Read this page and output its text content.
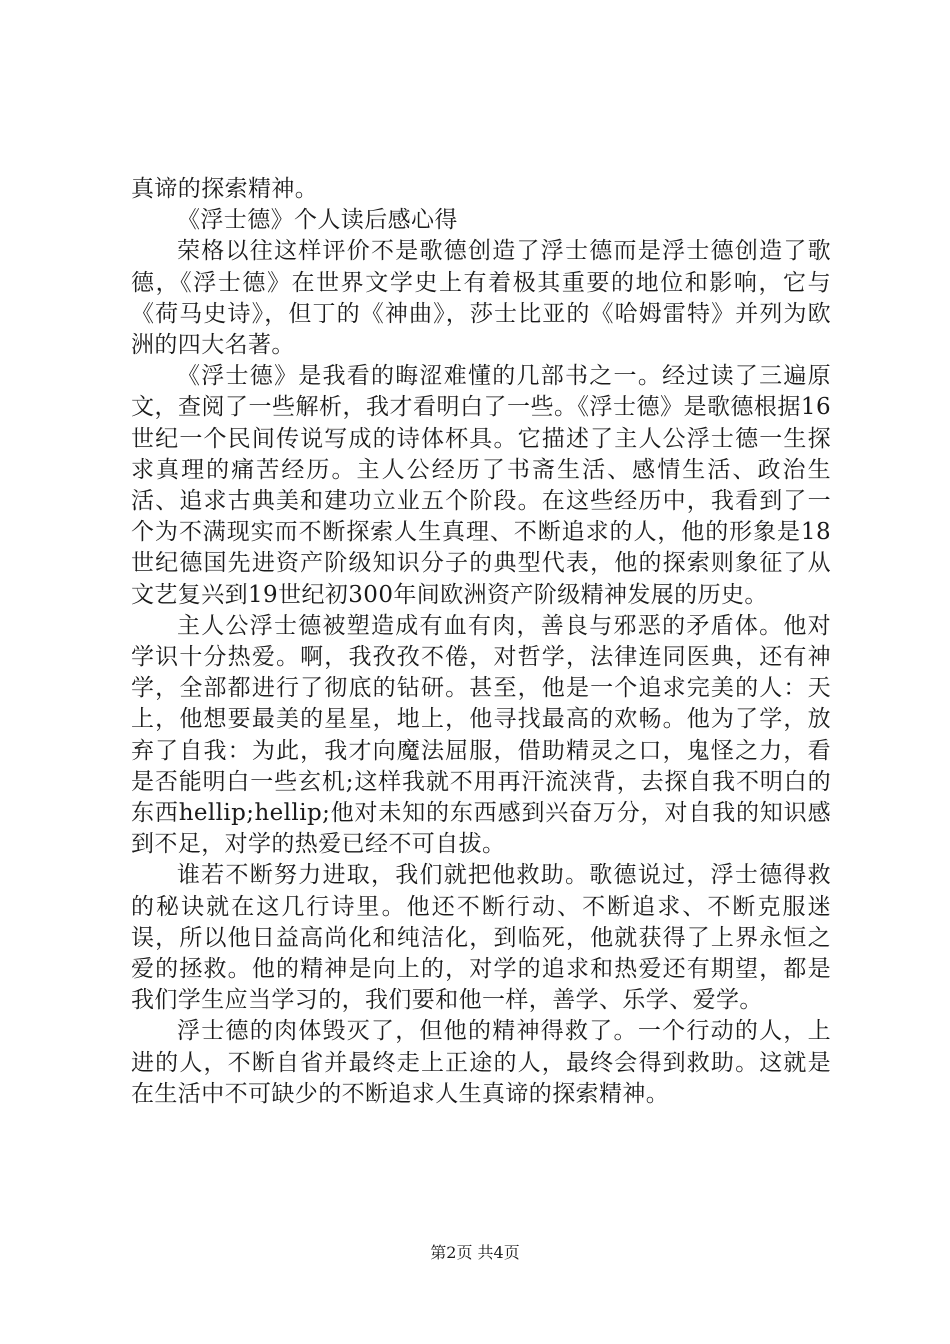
真谛的探索精神。

《浮士德》个人读后感心得

荣格以往这样评价不是歌德创造了浮士德而是浮士德创造了歌德，《浮士德》在世界文学史上有着极其重要的地位和影响，它与《荷马史诗》，但丁的《神曲》，莎士比亚的《哈姆雷特》并列为欧洲的四大名著。

《浮士德》是我看的晦涩难懂的几部书之一。经过读了三遍原文，查阅了一些解析，我才看明白了一些。《浮士德》是歌德根据16世纪一个民间传说写成的诗体杯具。它描述了主人公浮士德一生探求真理的痛苦经历。主人公经历了书斋生活、感情生活、政治生活、追求古典美和建功立业五个阶段。在这些经历中，我看到了一个为不满现实而不断探索人生真理、不断追求的人，他的形象是18世纪德国先进资产阶级知识分子的典型代表，他的探索则象征了从文艺复兴到19世纪初300年间欧洲资产阶级精神发展的历史。

主人公浮士德被塑造成有血有肉，善良与邪恶的矛盾体。他对学识十分热爱。啊，我孜孜不倦，对哲学，法律连同医典，还有神学，全部都进行了彻底的钻研。甚至，他是一个追求完美的人：天上，他想要最美的星星，地上，他寻找最高的欢畅。他为了学，放弃了自我：为此，我才向魔法屈服，借助精灵之口，鬼怪之力，看是否能明白一些玄机;这样我就不用再汗流浃背，去探自我不明白的东西hellip;hellip;他对未知的东西感到兴奋万分，对自我的知识感到不足，对学的热爱已经不可自拔。

谁若不断努力进取，我们就把他救助。歌德说过，浮士德得救的秘诀就在这几行诗里。他还不断行动、不断追求、不断克服迷误，所以他日益高尚化和纯洁化，到临死，他就获得了上界永恒之爱的拯救。他的精神是向上的，对学的追求和热爱还有期望，都是我们学生应当学习的，我们要和他一样，善学、乐学、爱学。

浮士德的肉体毁灭了，但他的精神得救了。一个行动的人，上进的人，不断自省并最终走上正途的人，最终会得到救助。这就是在生活中不可缺少的不断追求人生真谛的探索精神。

第2页 共4页
